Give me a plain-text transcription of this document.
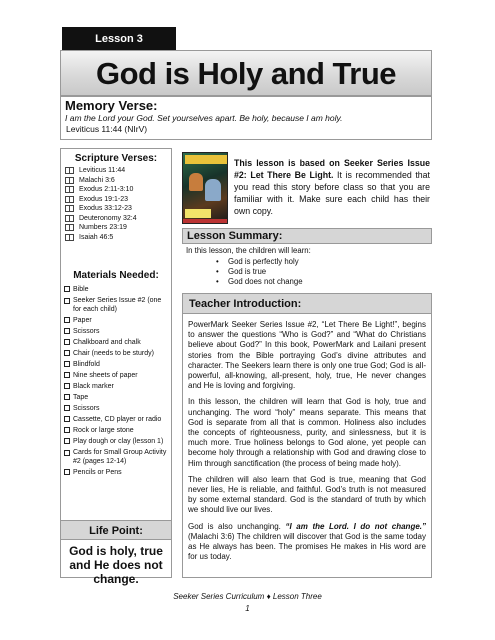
Lesson 3
God is Holy and True
Memory Verse:
I am the Lord your God. Set yourselves apart. Be holy, because I am holy.
Leviticus 11:44 (NIrV)
Scripture Verses:
Leviticus 11:44
Malachi 3:6
Exodus 2:11-3:10
Exodus 19:1-23
Exodus 33:12-23
Deuteronomy 32:4
Numbers 23:19
Isaiah 46:5
Materials Needed:
Bible
Seeker Series Issue #2 (one for each child)
Paper
Scissors
Chalkboard and chalk
Chair (needs to be sturdy)
Blindfold
Nine sheets of paper
Black marker
Tape
Scissors
Cassette, CD player or radio
Rock or large stone
Play dough or clay (lesson 1)
Cards for Small Group Activity #2 (pages 12-14)
Pencils or Pens
Life Point:
God is holy, true and He does not change.
This lesson is based on Seeker Series Issue #2: Let There Be Light. It is recommended that you read this story before class so that you are familiar with it. Make sure each child has their own copy.
Lesson Summary:
In this lesson, the children will learn:
• God is perfectly holy
• God is true
• God does not change
Teacher Introduction:

PowerMark Seeker Series Issue #2, “Let There Be Light!”, begins to answer the questions “Who is God?” and “What do Christians believe about God?” In this book, PowerMark and Lailani present stories from the Bible portraying God’s divine attributes and character. The Seekers learn there is only one true God; God is all-powerful, all-knowing, all-present, holy, true, He never changes and He is loving and forgiving.

In this lesson, the children will learn that God is holy, true and unchanging. The word “holy” means separate. This means that God is separate from all that is common. Holiness also includes the concepts of righteousness, purity, and sinlessness, but it is much more. True holiness belongs to God alone, yet people can become holy through a relationship with God and drawing close to Him through sanctification (the process of being made holy).

The children will also learn that God is true, meaning that God never lies, He is reliable, and faithful. God’s truth is not measured by some external standard. God is the standard of truth by which we should live our lives.

God is also unchanging. “I am the Lord. I do not change.” (Malachi 3:6) The children will discover that God is the same today as He always has been. The promises He makes in His word are for us today.

Seeker Series Curriculum ♦ Lesson Three
1
